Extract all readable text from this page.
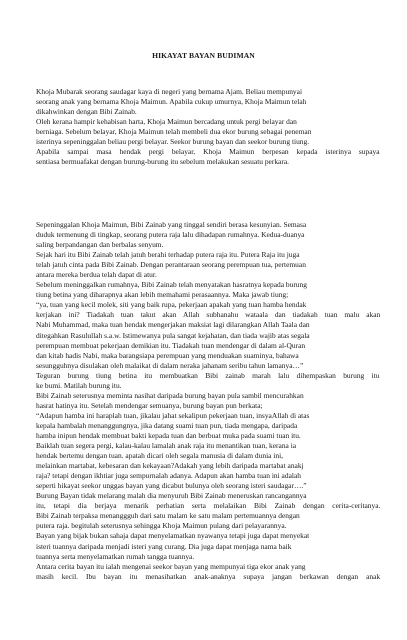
HIKAYAT BAYAN BUDIMAN
Khoja Mubarak seorang saudagar kaya di negeri yang bernama Ajam. Beliau mempunyai
seorang anak yang bernama Khoja Maimun. Apabila cukup umurnya, Khoja Maimun telah
dikahwinkan dengan Bibi Zainab.
Oleh kerana hampir kehabisan harta, Khoja Maimun bercadang untuk pergi belayar dan
berniaga. Sebelum belayar, Khoja Maimun telah membeli dua ekor burung sebagai peneman
isterinya sepeninggalan beliau pergi belayar. Seekor burung bayan dan seekor burung tiung.
Apabila sampai masa hendak pergi belayar, Khoja Maimun berpesan kepada isterinya supaya
sentiasa bermuafakat dengan burung-burung itu sebelum melakukan sesuatu perkara.
Sepeninggalan Khoja Maimun, Bibi Zainab yang tinggal sendiri berasa kesunyian. Semasa
duduk termenung di tingkap, seorang putera raja lalu dihadapan rumahnya. Kedua-duanya
saling berpandangan dan berbalas senyum.
Sejak hari itu Bibi Zainab telah jatuh berahi terhadap putera raja itu. Putera Raja itu juga
telah jatuh cinta pada Bibi Zainab. Dengan perantaraan seorang perempuan tua, pertemuan
antara mereka berdua telah dapat di atur.
Sebelum meninggalkan rumahnya, Bibi Zainab telah menyatakan hasratnya kepada burung
tiung betina yang diharapnya akan lebih memahami perasaannya. Maka jawab tiung;
“ya, tuan yang kecil molek, siti yang baik rupa, pekerjaan apakah yang tuan hamba hendak
kerjakan ini? Tiadakah tuan takut akan Allah subhanahu wataala dan tiadakah tuan malu akan
Nabi Muhammad, maka tuan hendak mengerjakan maksiat lagi dilarangkan Allah Taala dan
ditegahkan Rasulullah s.a.w. Istimewanya pula sangat kejahatan, dan tiada wajib atas segala
perempuan membuat pekerjaan demikian itu. Tiadakah tuan mendengar di dalam al-Quran
dan kitab hadis Nabi, maka barangsiapa perempuan yang menduakan suaminya, bahawa
sesungguhnya disulakan oleh malaikat di dalam neraka jahanam seribu tahun lamanya…”
Teguran burung tiung betina itu membuatkan Bibi zainab marah lalu dihempaskan burung itu
ke bumi. Matilah burung itu.
Bibi Zainab seterusnya meminta nasihat daripada burung bayan pula sambil mencurahkan
hasrat hatinya itu. Setelah mendengar semuanya, burung bayan pun berkata;
“Adapun hamba ini haraplah tuan, jikalau jahat sekalipun pekerjaan tuan, insyaAllah di atas
kepala hambalah menanggungnya, jika datang suami tuan pun, tiada mengapa, daripada
hamba inipun hendak membuat bakti kepada tuan dan berbuat muka pada suami tuan itu.
Baiklah tuan segera pergi, kalau-kalau lamalah anak raja itu menantikan tuan, kerana ia
hendak bertemu dengan tuan. apatah dicari oleh segala manusia di dalam dunia ini,
melainkan martabat, kebesaran dan kekayaan?Adakah yang lebih daripada martabat anakj
raja? tetapi dengan ikhtiar juga sempurnalah adanya. Adapun akan hamba tuan ini adalah
seperti hikayat seekor unggas bayan yang dicabut bulunya oleh seorang isteri saudagar….”
Burung Bayan tidak melarang malah dia menyuruh Bibi Zainab meneruskan rancangannya
itu, tetapi dia berjaya menarik perhatian serta melalaikan Bibi Zainab dengan cerita-ceritanya.
Bibi Zainab terpaksa menanggguh dari satu malam ke satu malam pertemuannya dengan
putera raja. begitulah seterusnya sehingga Khoja Maimun pulang dari pelayarannya.
Bayan yang bijak bukan sahaja dapat menyelamatkan nyawanya tetapi juga dapat menyekat
isteri tuannya daripada menjadi isteri yang curang. Dia juga dapat menjaga nama baik
tuannya serta menyelamatkan rumah tangga tuannya.
Antara cerita bayan itu ialah mengenai seekor bayan yang mempunyai tiga ekor anak yang
masih kecil. Ibu bayan itu menasihatkan anak-anaknya supaya jangan berkawan dengan anak
